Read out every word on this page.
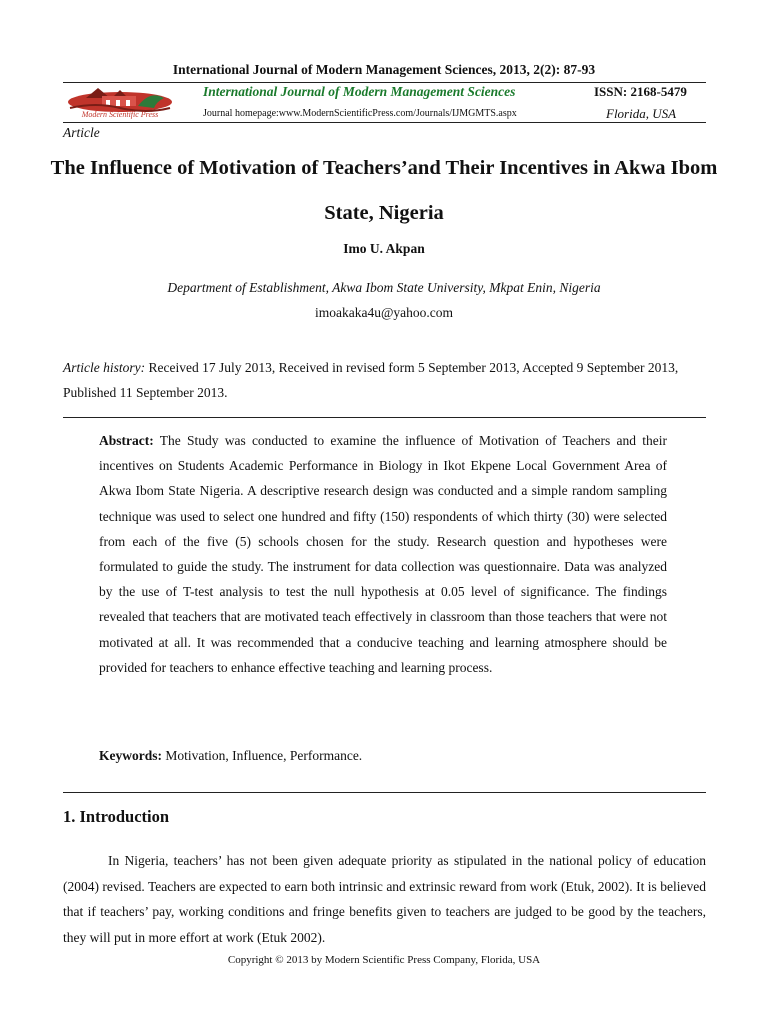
International Journal of Modern Management Sciences, 2013, 2(2): 87-93
Modern Scientific Press
International Journal of Modern Management Sciences	ISSN: 2168-5479
Journal homepage:www.ModernScientificPress.com/Journals/IJMGMTS.aspx	Florida, USA
Article
The Influence of Motivation of Teachers’and Their Incentives in Akwa Ibom State, Nigeria
Imo U. Akpan
Department of Establishment, Akwa Ibom State University, Mkpat Enin, Nigeria
imoakaka4u@yahoo.com
Article history: Received 17 July 2013, Received in revised form 5 September 2013, Accepted 9 September 2013, Published 11 September 2013.
Abstract: The Study was conducted to examine the influence of Motivation of Teachers and their incentives on Students Academic Performance in Biology in Ikot Ekpene Local Government Area of Akwa Ibom State Nigeria. A descriptive research design was conducted and a simple random sampling technique was used to select one hundred and fifty (150) respondents of which thirty (30) were selected from each of the five (5) schools chosen for the study. Research question and hypotheses were formulated to guide the study. The instrument for data collection was questionnaire. Data was analyzed by the use of T-test analysis to test the null hypothesis at 0.05 level of significance. The findings revealed that teachers that are motivated teach effectively in classroom than those teachers that were not motivated at all. It was recommended that a conducive teaching and learning atmosphere should be provided for teachers to enhance effective teaching and learning process.
Keywords: Motivation, Influence, Performance.
1. Introduction
In Nigeria, teachers’ has not been given adequate priority as stipulated in the national policy of education (2004) revised. Teachers are expected to earn both intrinsic and extrinsic reward from work (Etuk, 2002). It is believed that if teachers’ pay, working conditions and fringe benefits given to teachers are judged to be good by the teachers, they will put in more effort at work (Etuk 2002).
Copyright © 2013 by Modern Scientific Press Company, Florida, USA
